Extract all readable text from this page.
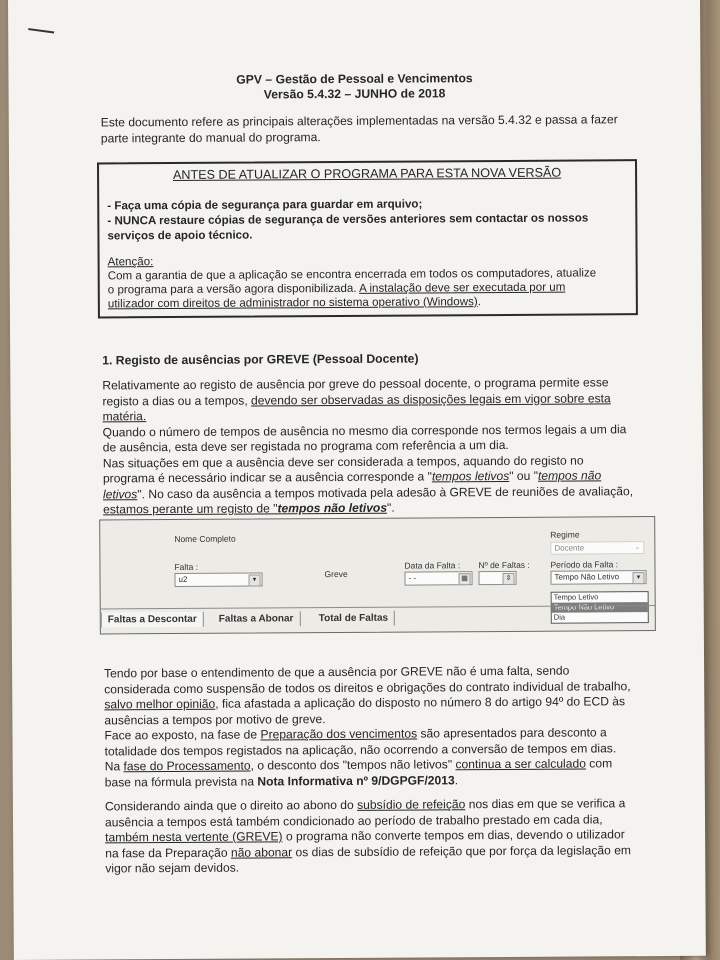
GPV – Gestão de Pessoal e Vencimentos
Versão 5.4.32 – JUNHO de 2018
Este documento refere as principais alterações implementadas na versão 5.4.32 e passa a fazer
parte integrante do manual do programa.
ANTES DE ATUALIZAR O PROGRAMA PARA ESTA NOVA VERSÃO
- Faça uma cópia de segurança para guardar em arquivo;
- NUNCA restaure cópias de segurança de versões anteriores sem contactar os nossos
serviços de apoio técnico.
Atenção:
Com a garantia de que a aplicação se encontra encerrada em todos os computadores, atualize
o programa para a versão agora disponibilizada. A instalação deve ser executada por um
utilizador com direitos de administrador no sistema operativo (Windows).
1. Registo de ausências por GREVE (Pessoal Docente)
Relativamente ao registo de ausência por greve do pessoal docente, o programa permite esse
registo a dias ou a tempos, devendo ser observadas as disposições legais em vigor sobre esta
matéria.
Quando o número de tempos de ausência no mesmo dia corresponde nos termos legais a um dia
de ausência, esta deve ser registada no programa com referência a um dia.
Nas situações em que a ausência deve ser considerada a tempos, aquando do registo no
programa é necessário indicar se a ausência corresponde a "tempos letivos" ou "tempos não
letivos". No caso da ausência a tempos motivada pela adesão à GREVE de reuniões de avaliação,
estamos perante um registo de "tempos não letivos".
Nome Completo	Regime
Docente	⌄
Falta :
u2	▾
Greve
Data da Falta :
- -	▦
Nº de Faltas :
⇕
Período da Falta :
Tempo Não Letivo	▾
Tempo Letivo
Tempo Não Letivo
Dia
Faltas a Descontar	Faltas a Abonar	Total de Faltas
Tendo por base o entendimento de que a ausência por GREVE não é uma falta, sendo
considerada como suspensão de todos os direitos e obrigações do contrato individual de trabalho,
salvo melhor opinião, fica afastada a aplicação do disposto no número 8 do artigo 94º do ECD às
ausências a tempos por motivo de greve.
Face ao exposto, na fase de Preparação dos vencimentos são apresentados para desconto a
totalidade dos tempos registados na aplicação, não ocorrendo a conversão de tempos em dias.
Na fase do Processamento, o desconto dos "tempos não letivos" continua a ser calculado com
base na fórmula prevista na Nota Informativa nº 9/DGPGF/2013.
Considerando ainda que o direito ao abono do subsídio de refeição nos dias em que se verifica a
ausência a tempos está também condicionado ao período de trabalho prestado em cada dia,
também nesta vertente (GREVE) o programa não converte tempos em dias, devendo o utilizador
na fase da Preparação não abonar os dias de subsídio de refeição que por força da legislação em
vigor não sejam devidos.
